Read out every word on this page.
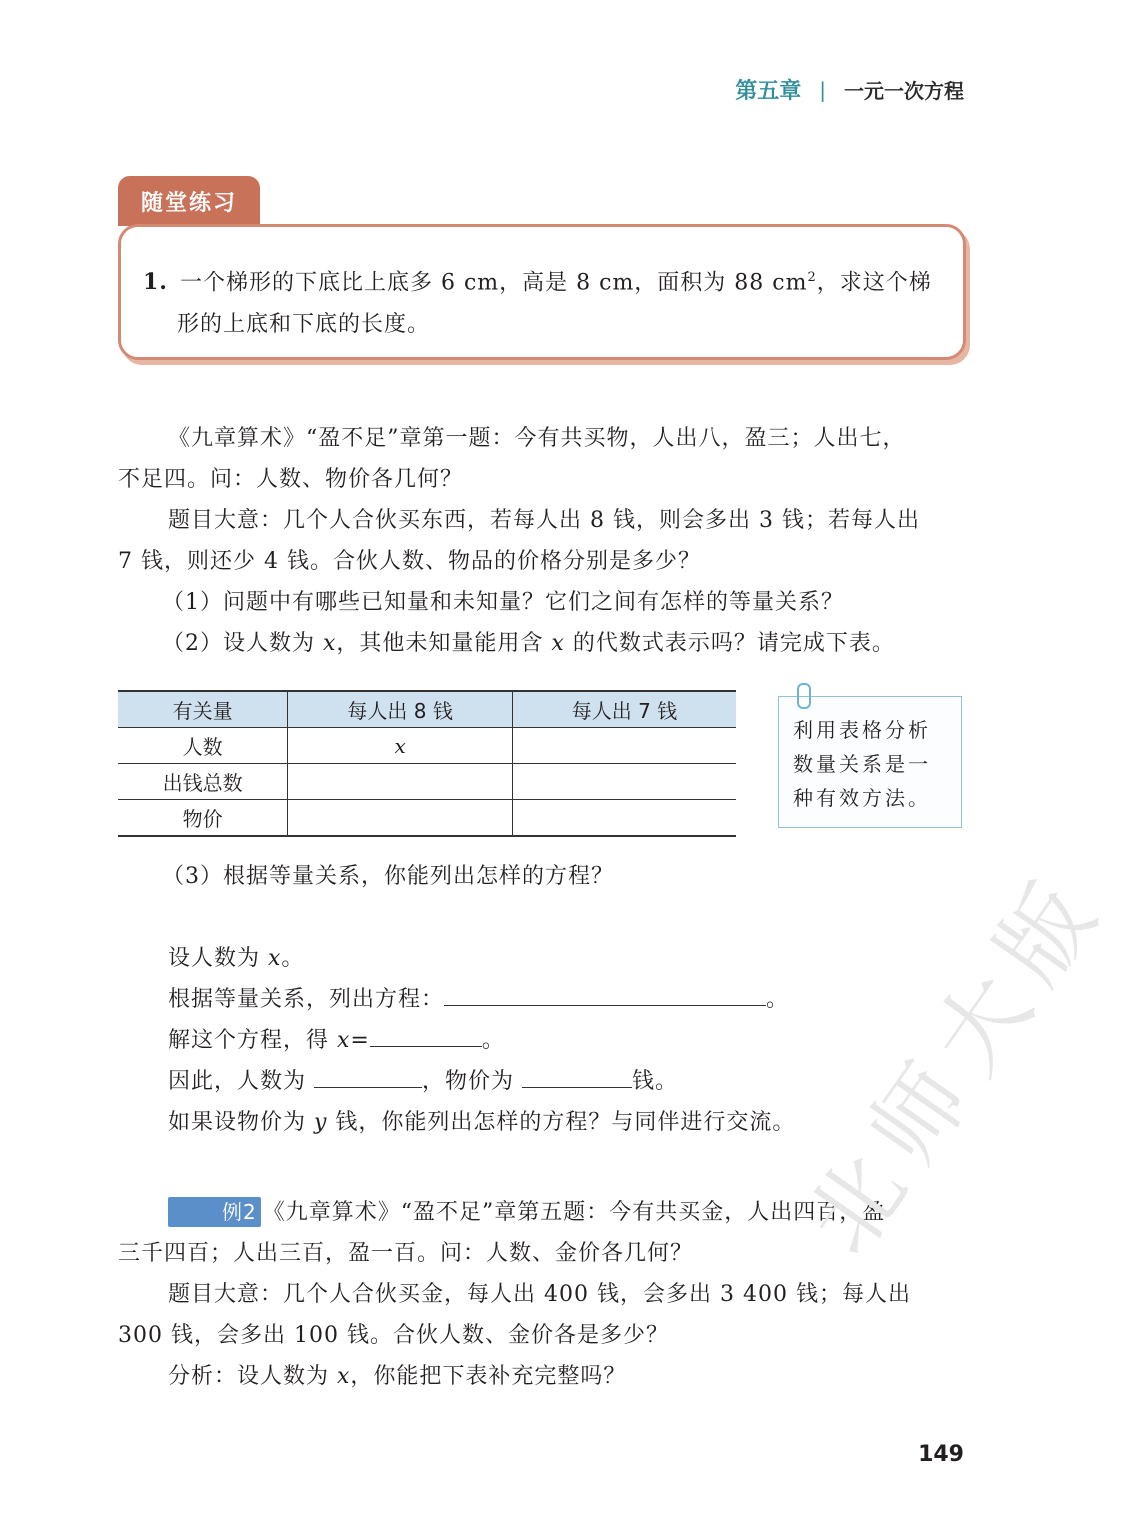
第五章 | 一元一次方程
随堂练习
1. 一个梯形的下底比上底多 6 cm，高是 8 cm，面积为 88 $cm^2$，求这个梯
形的上底和下底的长度。

《九章算术》“盈不足”章第一题：今有共买物，人出八，盈三；人出七，

不足四。问：人数、物价各几何？

题目大意：几个人合伙买东西，若每人出 8 钱，则会多出 3 钱；若每人出

7 钱，则还少 4 钱。合伙人数、物品的价格分别是多少？

（1）问题中有哪些已知量和未知量？它们之间有怎样的等量关系？

（2）设人数为 x，其他未知量能用含 x 的代数式表示吗？请完成下表。

有关量	每人出 8 钱	每人出 7 钱
人数	x	
出钱总数		
物价		
利用表格分析
数量关系是一
种有效方法。

（3）根据等量关系，你能列出怎样的方程？

设人数为 x。

根据等量关系，列出方程：	。

解这个方程，得 x=	。

因此，人数为	，物价为	钱。

如果设物价为 y 钱，你能列出怎样的方程？与同伴进行交流。

例2 《九章算术》“盈不足”章第五题：今有共买金，人出四百，盈

三千四百；人出三百，盈一百。问：人数、金价各几何？

题目大意：几个人合伙买金，每人出 400 钱，会多出 3 400 钱；每人出

300 钱，会多出 100 钱。合伙人数、金价各是多少？

分析：设人数为 x，你能把下表补充完整吗？

北师大版
149
